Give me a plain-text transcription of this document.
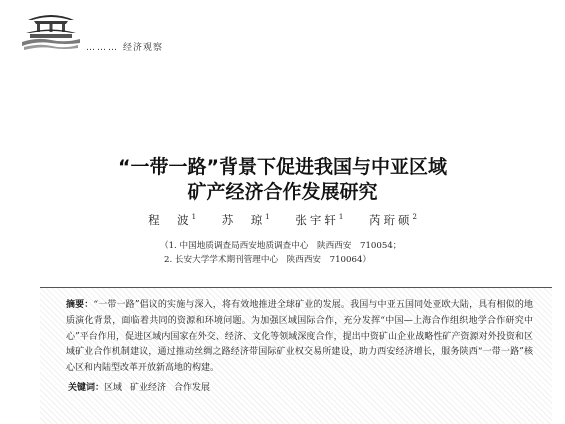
……… 经济观察
“一带一路”背景下促进我国与中亚区域
矿产经济合作发展研究
程　波$^1$ 苏　琼$^1$ 张宇轩$^1$ 芮珩硕$^2$
（1. 中国地质调查局西安地质调查中心　陕西西安　710054；
2. 长安大学学术期刊管理中心　陕西西安　710064）
摘要：“一带一路”倡议的实施与深入，将有效地推进全球矿业的发展。我国与中亚五国同处亚欧大陆，具有相似的地质演化背景，面临着共同的资源和环境问题。为加强区域国际合作，充分发挥“中国—上海合作组织地学合作研究中心”平台作用，促进区域内国家在外交、经济、文化等领域深度合作，提出中资矿山企业战略性矿产资源对外投资和区域矿业合作机制建议，通过推动丝绸之路经济带国际矿业权交易所建设，助力西安经济增长，服务陕西“一带一路”核心区和内陆型改革开放新高地的构建。
关键词：区域 矿业经济 合作发展
